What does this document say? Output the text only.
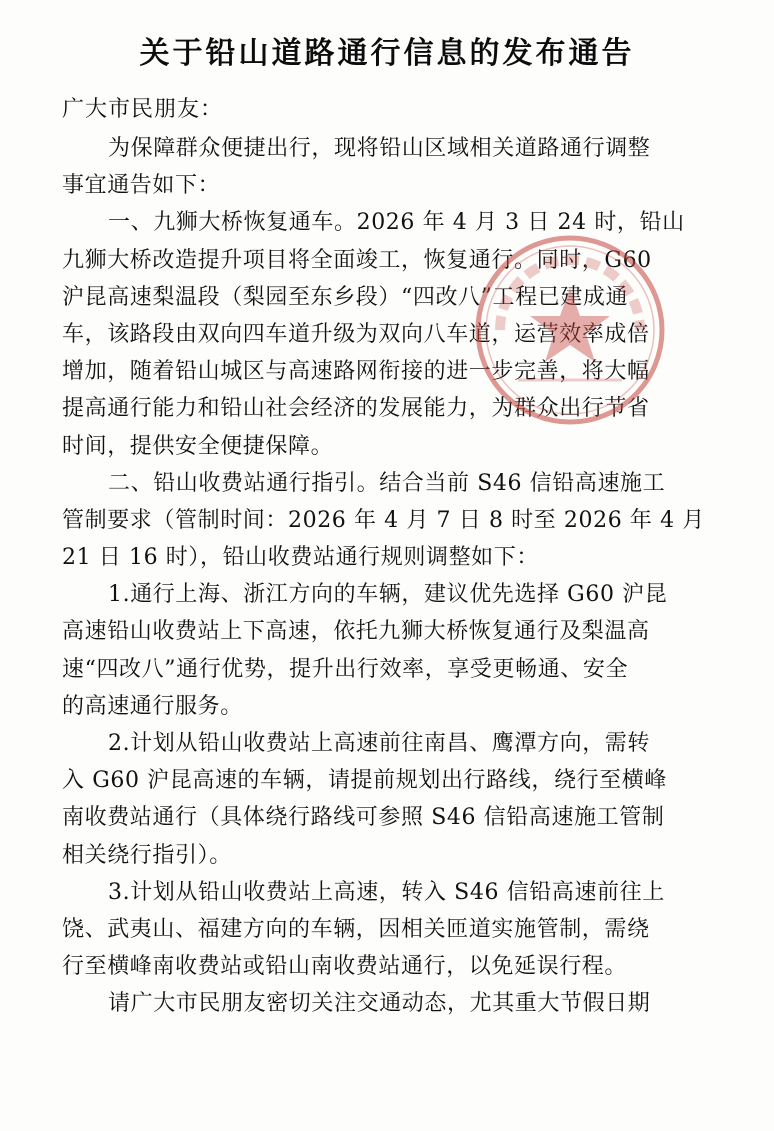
关于铅山道路通行信息的发布通告
广大市民朋友：
为保障群众便捷出行，现将铅山区域相关道路通行调整
事宜通告如下：
一、九狮大桥恢复通车。2026 年 4 月 3 日 24 时，铅山
九狮大桥改造提升项目将全面竣工，恢复通行。同时，G60
沪昆高速梨温段（梨园至东乡段）“四改八”工程已建成通
车，该路段由双向四车道升级为双向八车道，运营效率成倍
增加，随着铅山城区与高速路网衔接的进一步完善，将大幅
提高通行能力和铅山社会经济的发展能力，为群众出行节省
时间，提供安全便捷保障。
二、铅山收费站通行指引。结合当前 S46 信铅高速施工
管制要求（管制时间：2026 年 4 月 7 日 8 时至 2026 年 4 月
21 日 16 时），铅山收费站通行规则调整如下：
1.通行上海、浙江方向的车辆，建议优先选择 G60 沪昆
高速铅山收费站上下高速，依托九狮大桥恢复通行及梨温高
速“四改八”通行优势，提升出行效率，享受更畅通、安全
的高速通行服务。
2.计划从铅山收费站上高速前往南昌、鹰潭方向，需转
入 G60 沪昆高速的车辆，请提前规划出行路线，绕行至横峰
南收费站通行（具体绕行路线可参照 S46 信铅高速施工管制
相关绕行指引）。
3.计划从铅山收费站上高速，转入 S46 信铅高速前往上
饶、武夷山、福建方向的车辆，因相关匝道实施管制，需绕
行至横峰南收费站或铅山南收费站通行，以免延误行程。
请广大市民朋友密切关注交通动态，尤其重大节假日期
